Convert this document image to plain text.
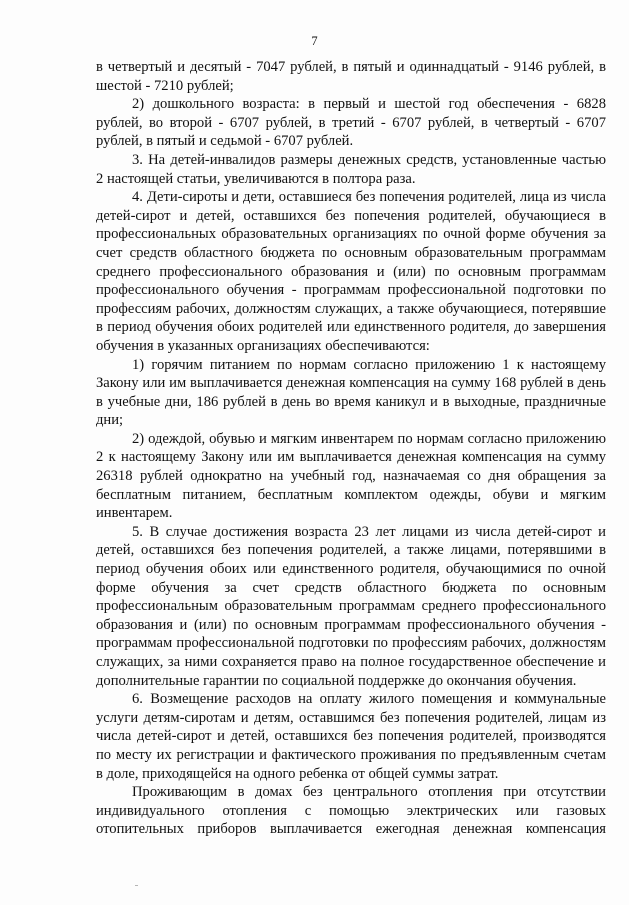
7

в четвертый и десятый - 7047 рублей, в пятый и одиннадцатый - 9146 рублей, в шестой - 7210 рублей;

2) дошкольного возраста: в первый и шестой год обеспечения - 6828 рублей, во второй - 6707 рублей, в третий - 6707 рублей, в четвертый - 6707 рублей, в пятый и седьмой - 6707 рублей.

3. На детей-инвалидов размеры денежных средств, установленные частью 2 настоящей статьи, увеличиваются в полтора раза.

4. Дети-сироты и дети, оставшиеся без попечения родителей, лица из числа детей-сирот и детей, оставшихся без попечения родителей, обучающиеся в профессиональных образовательных организациях по очной форме обучения за счет средств областного бюджета по основным образовательным программам среднего профессионального образования и (или) по основным программам профессионального обучения - программам профессиональной подготовки по профессиям рабочих, должностям служащих, а также обучающиеся, потерявшие в период обучения обоих родителей или единственного родителя, до завершения обучения в указанных организациях обеспечиваются:

1) горячим питанием по нормам согласно приложению 1 к настоящему Закону или им выплачивается денежная компенсация на сумму 168 рублей в день в учебные дни, 186 рублей в день во время каникул и в выходные, праздничные дни;

2) одеждой, обувью и мягким инвентарем по нормам согласно приложению 2 к настоящему Закону или им выплачивается денежная компенсация на сумму 26318 рублей однократно на учебный год, назначаемая со дня обращения за бесплатным питанием, бесплатным комплектом одежды, обуви и мягким инвентарем.

5. В случае достижения возраста 23 лет лицами из числа детей-сирот и детей, оставшихся без попечения родителей, а также лицами, потерявшими в период обучения обоих или единственного родителя, обучающимися по очной форме обучения за счет средств областного бюджета по основным профессиональным образовательным программам среднего профессионального образования и (или) по основным программам профессионального обучения - программам профессиональной подготовки по профессиям рабочих, должностям служащих, за ними сохраняется право на полное государственное обеспечение и дополнительные гарантии по социальной поддержке до окончания обучения.

6. Возмещение расходов на оплату жилого помещения и коммунальные услуги детям-сиротам и детям, оставшимся без попечения родителей, лицам из числа детей-сирот и детей, оставшихся без попечения родителей, производятся по месту их регистрации и фактического проживания по предъявленным счетам в доле, приходящейся на одного ребенка от общей суммы затрат.

Проживающим в домах без центрального отопления при отсутствии индивидуального отопления с помощью электрических или газовых отопительных приборов выплачивается ежегодная денежная компенсация
